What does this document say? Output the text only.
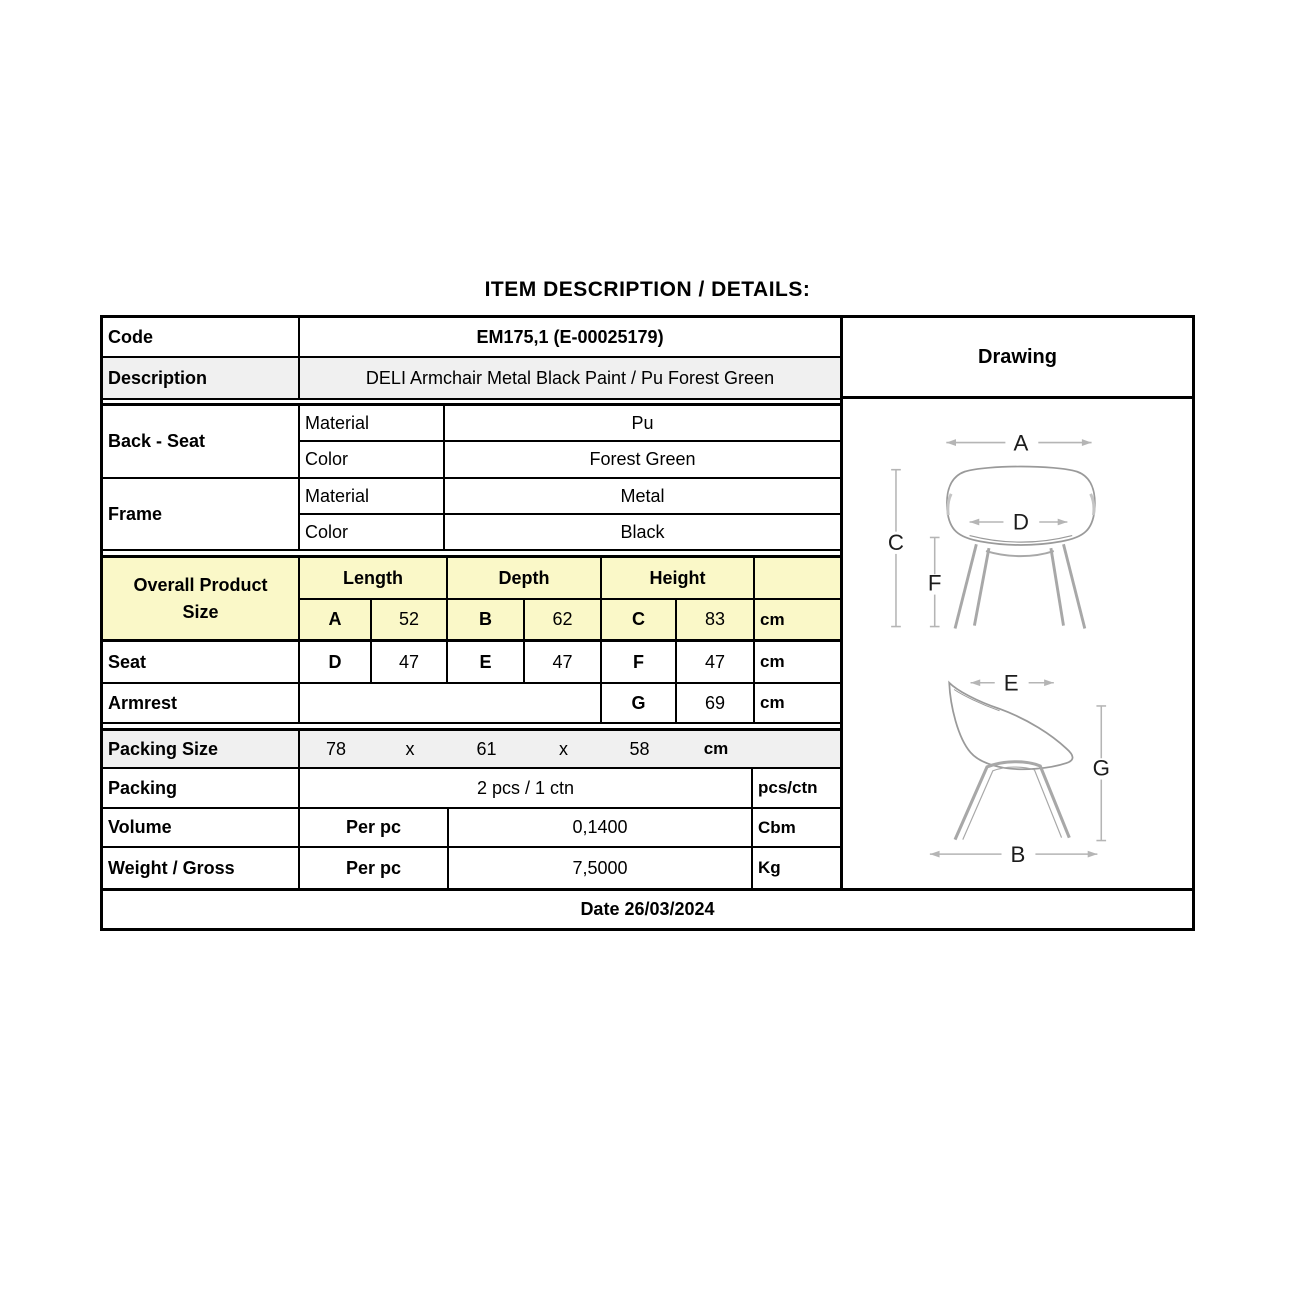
ITEM DESCRIPTION / DETAILS:
Code	EM175,1 (E-00025179)
Description	DELI Armchair Metal Black Paint / Pu Forest Green
Back - Seat
Material	Pu
Color	Forest Green
Frame
Material	Metal
Color	Black
Overall Product
Size
Length	Depth	Height
A	52	B	62	C	83	cm
Seat	D	47	E	47	F	47	cm
Armrest	G	69	cm
Packing Size	78	x	61	x	58	cm
Packing	2 pcs / 1 ctn	pcs/ctn
Volume	Per pc	0,1400	Cbm
Weight / Gross	Per pc	7,5000	Kg
Drawing
A
D
C
F
E
G
B
Date 26/03/2024
